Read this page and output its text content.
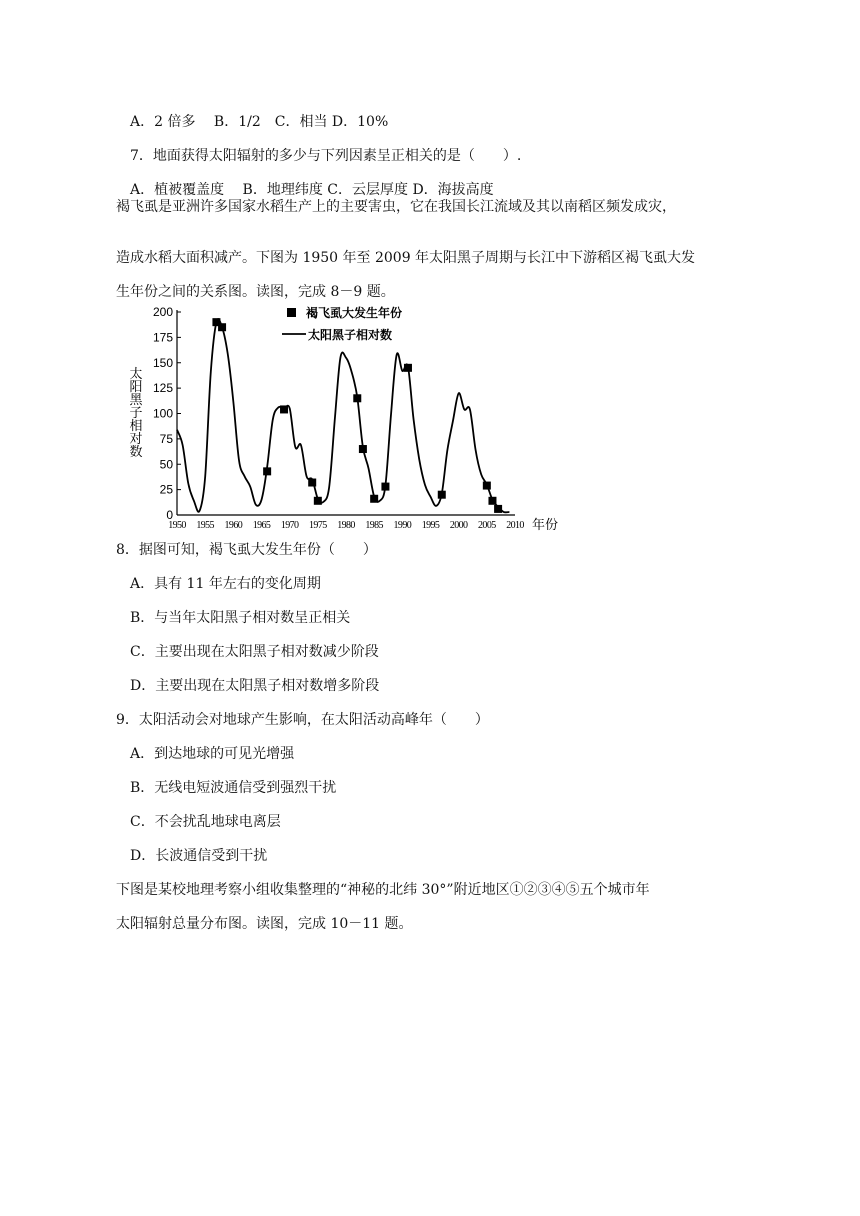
A．2 倍多　 B．1/2　C．相当 D．10%
7．地面获得太阳辐射的多少与下列因素呈正相关的是（　　）.
A．植被覆盖度　 B．地理纬度 C．云层厚度 D．海拔高度
褐飞虱是亚洲许多国家水稻生产上的主要害虫，它在我国长江流域及其以南稻区频发成灾，
造成水稻大面积减产。下图为 1950 年至 2009 年太阳黑子周期与长江中下游稻区褐飞虱大发
生年份之间的关系图。读图，完成 8－9 题。
0
25
50
75
100
125
150
175
200
1950 1955 1960 1965 1970 1975 1980 1985 1990 1995 2000 2005 2010
太阳黑子相对数
年份
褐飞虱大发生年份
太阳黑子相对数
8．据图可知，褐飞虱大发生年份（　　）
A．具有 11 年左右的变化周期
B．与当年太阳黑子相对数呈正相关
C．主要出现在太阳黑子相对数减少阶段
D．主要出现在太阳黑子相对数增多阶段
9．太阳活动会对地球产生影响，在太阳活动高峰年（　　）
A．到达地球的可见光增强
B．无线电短波通信受到强烈干扰
C．不会扰乱地球电离层
D．长波通信受到干扰
下图是某校地理考察小组收集整理的“神秘的北纬 30°”附近地区①②③④⑤五个城市年
太阳辐射总量分布图。读图，完成 10－11 题。
